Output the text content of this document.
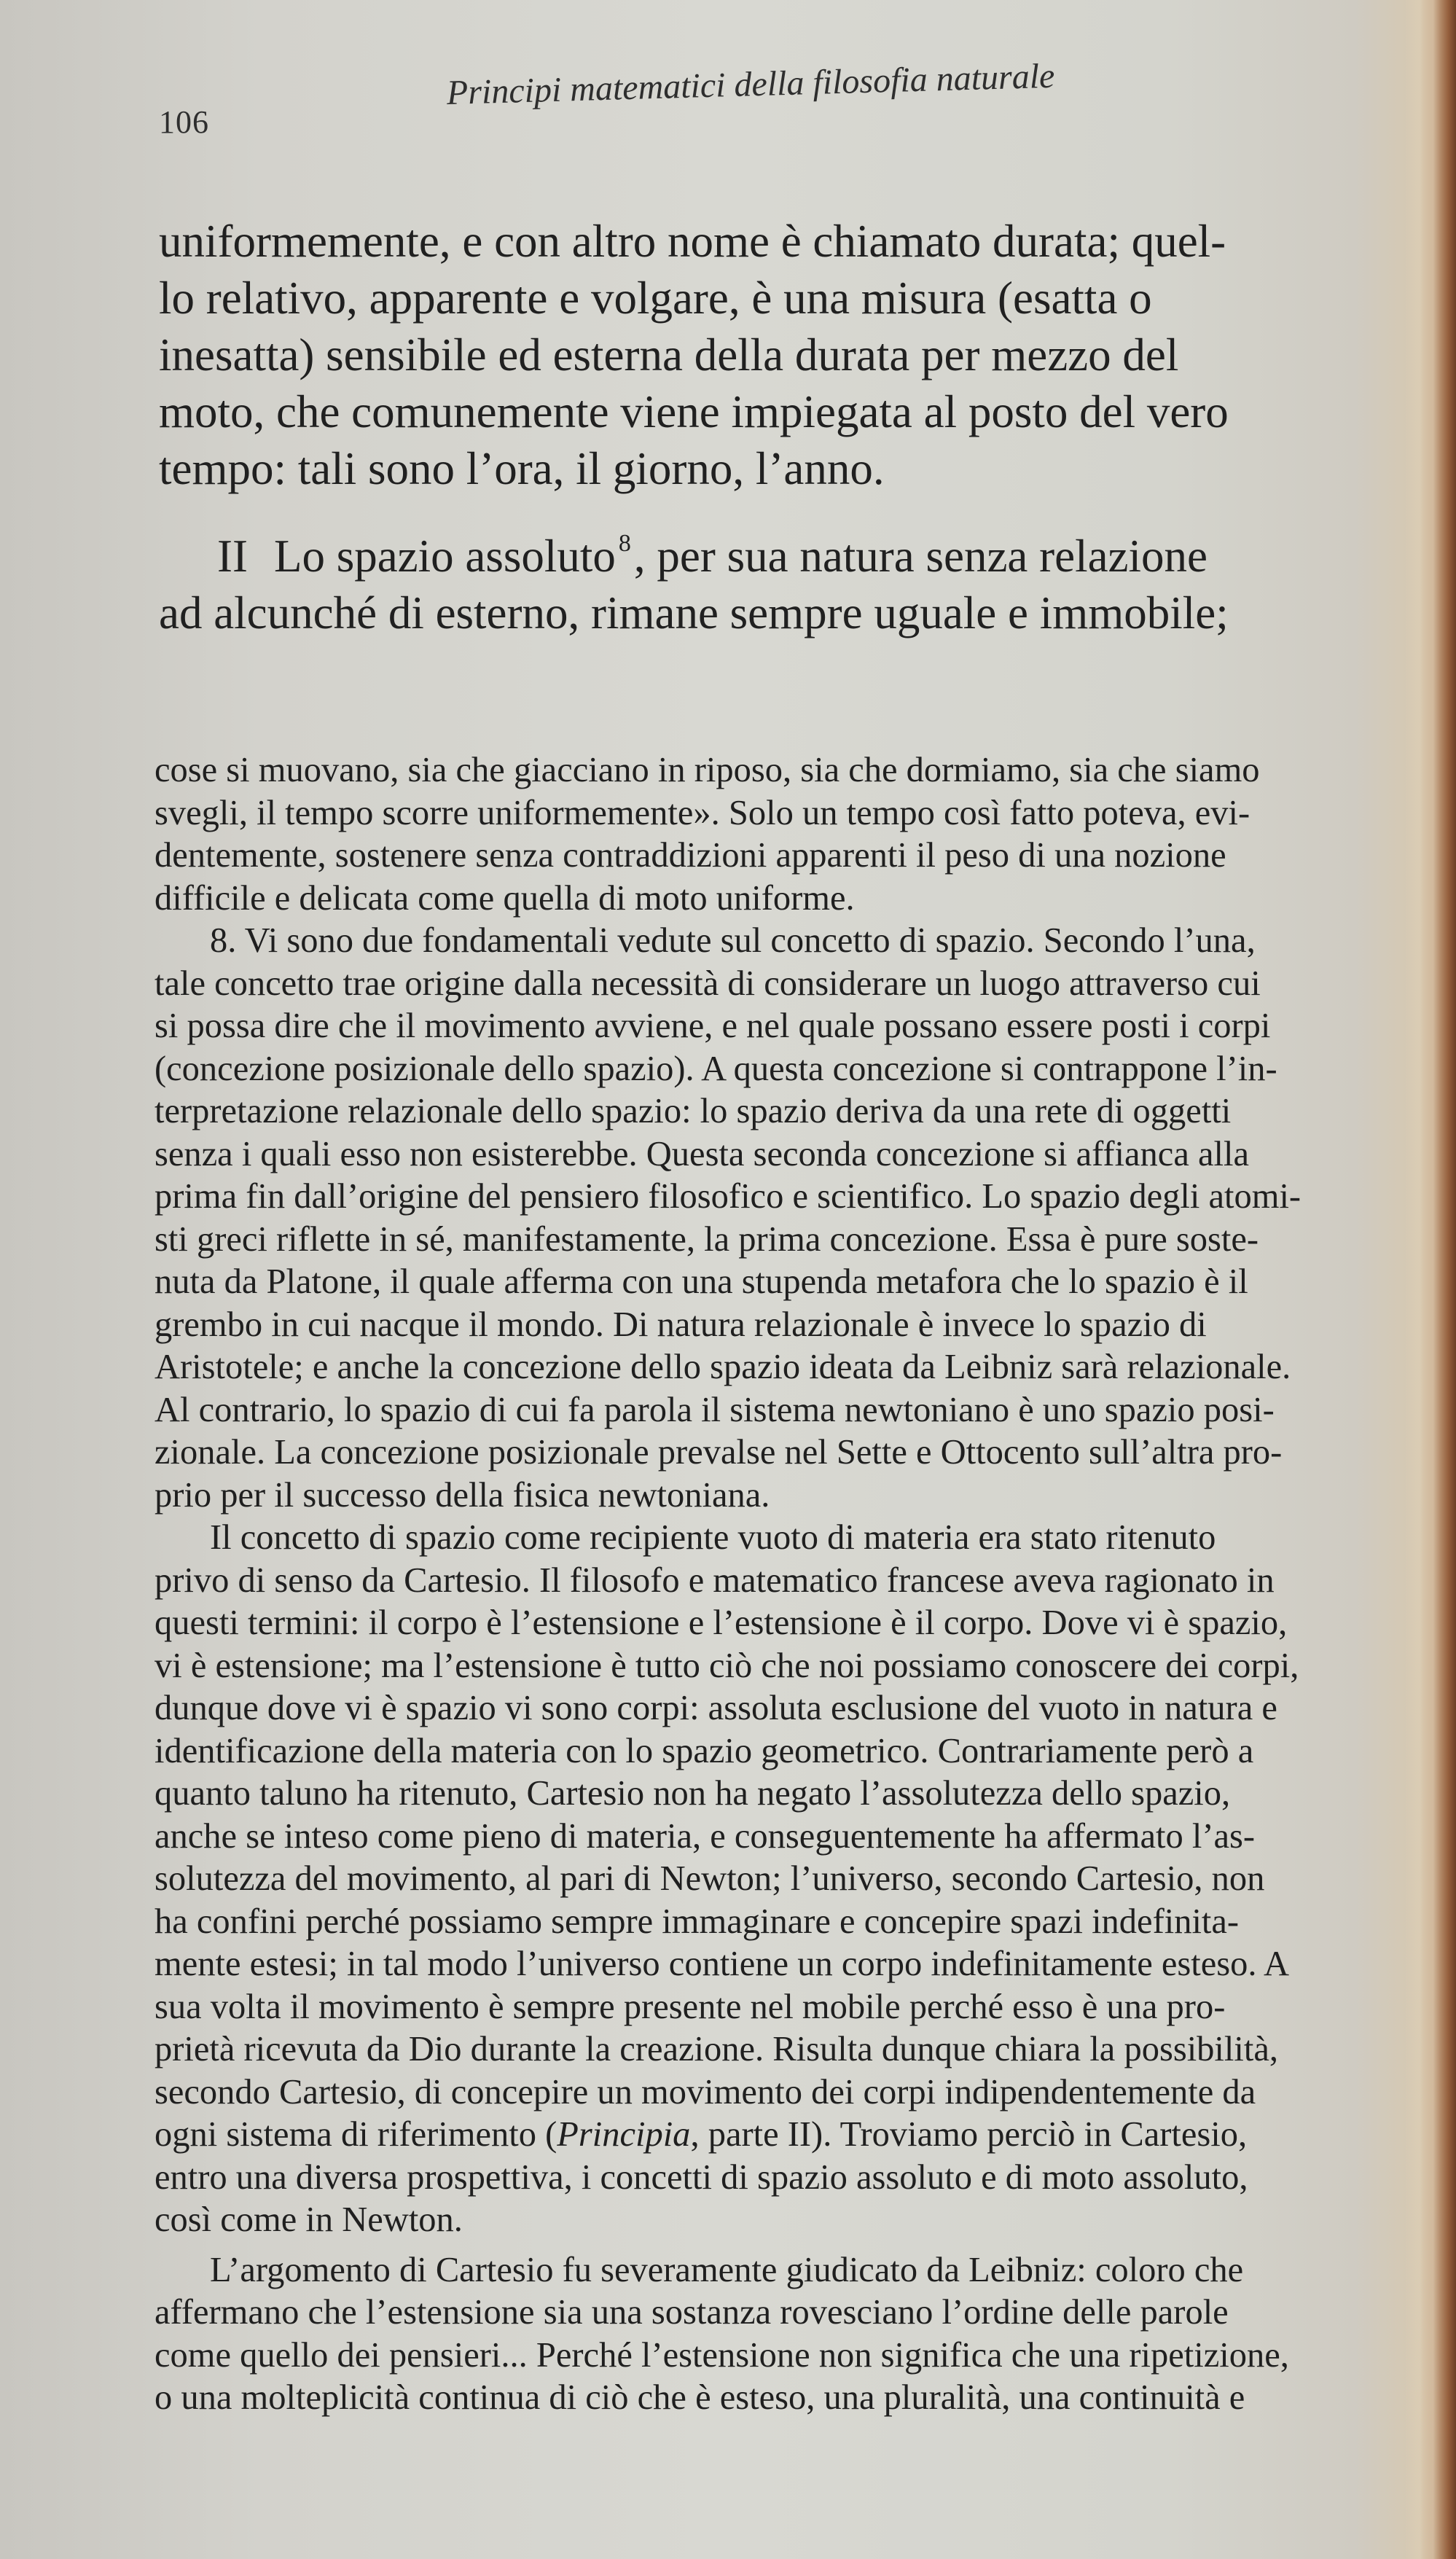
106
Principi matematici della filosofia naturale
uniformemente, e con altro nome è chiamato durata; quel-
lo relativo, apparente e volgare, è una misura (esatta o
inesatta) sensibile ed esterna della durata per mezzo del
moto, che comunemente viene impiegata al posto del vero
tempo: tali sono l’ora, il giorno, l’anno.
II Lo spazio assoluto $^8$, per sua natura senza relazione
ad alcunché di esterno, rimane sempre uguale e immobile;
cose si muovano, sia che giacciano in riposo, sia che dormiamo, sia che siamo
svegli, il tempo scorre uniformemente». Solo un tempo così fatto poteva, evi-
dentemente, sostenere senza contraddizioni apparenti il peso di una nozione
difficile e delicata come quella di moto uniforme.
8. Vi sono due fondamentali vedute sul concetto di spazio. Secondo l’una,
tale concetto trae origine dalla necessità di considerare un luogo attraverso cui
si possa dire che il movimento avviene, e nel quale possano essere posti i corpi
(concezione posizionale dello spazio). A questa concezione si contrappone l’in-
terpretazione relazionale dello spazio: lo spazio deriva da una rete di oggetti
senza i quali esso non esisterebbe. Questa seconda concezione si affianca alla
prima fin dall’origine del pensiero filosofico e scientifico. Lo spazio degli atomi-
sti greci riflette in sé, manifestamente, la prima concezione. Essa è pure soste-
nuta da Platone, il quale afferma con una stupenda metafora che lo spazio è il
grembo in cui nacque il mondo. Di natura relazionale è invece lo spazio di
Aristotele; e anche la concezione dello spazio ideata da Leibniz sarà relazionale.
Al contrario, lo spazio di cui fa parola il sistema newtoniano è uno spazio posi-
zionale. La concezione posizionale prevalse nel Sette e Ottocento sull’altra pro-
prio per il successo della fisica newtoniana.
Il concetto di spazio come recipiente vuoto di materia era stato ritenuto
privo di senso da Cartesio. Il filosofo e matematico francese aveva ragionato in
questi termini: il corpo è l’estensione e l’estensione è il corpo. Dove vi è spazio,
vi è estensione; ma l’estensione è tutto ciò che noi possiamo conoscere dei corpi,
dunque dove vi è spazio vi sono corpi: assoluta esclusione del vuoto in natura e
identificazione della materia con lo spazio geometrico. Contrariamente però a
quanto taluno ha ritenuto, Cartesio non ha negato l’assolutezza dello spazio,
anche se inteso come pieno di materia, e conseguentemente ha affermato l’as-
solutezza del movimento, al pari di Newton; l’universo, secondo Cartesio, non
ha confini perché possiamo sempre immaginare e concepire spazi indefinita-
mente estesi; in tal modo l’universo contiene un corpo indefinitamente esteso. A
sua volta il movimento è sempre presente nel mobile perché esso è una pro-
prietà ricevuta da Dio durante la creazione. Risulta dunque chiara la possibilità,
secondo Cartesio, di concepire un movimento dei corpi indipendentemente da
ogni sistema di riferimento (Principia, parte II). Troviamo perciò in Cartesio,
entro una diversa prospettiva, i concetti di spazio assoluto e di moto assoluto,
così come in Newton.
L’argomento di Cartesio fu severamente giudicato da Leibniz: coloro che
affermano che l’estensione sia una sostanza rovesciano l’ordine delle parole
come quello dei pensieri... Perché l’estensione non significa che una ripetizione,
o una molteplicità continua di ciò che è esteso, una pluralità, una continuità e
